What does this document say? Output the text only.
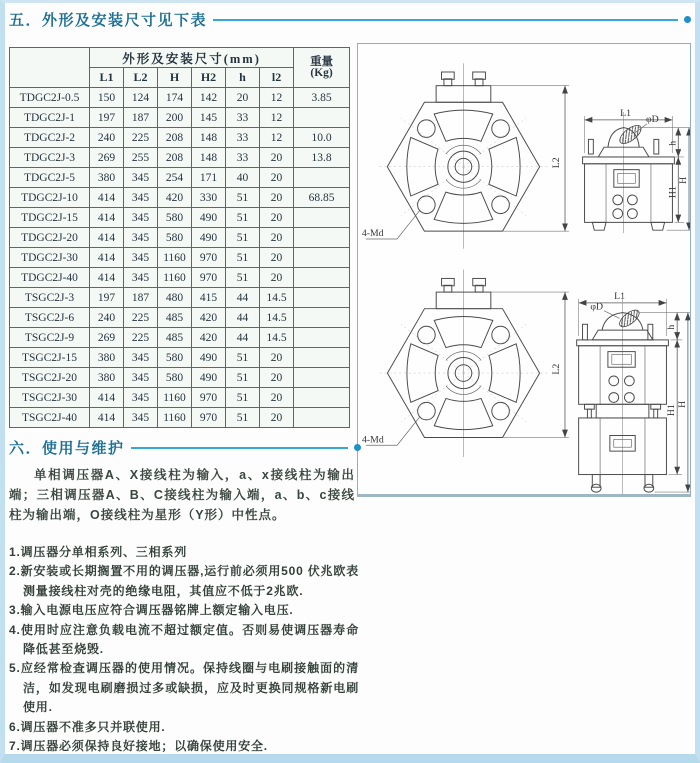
五．外形及安装尺寸见下表
	外形及安装尺寸(mm)						重量
(Kg)

	L1	L2	H	H2	h	l2	
TDGC2J-0.5	150	124	174	142	20	12	3.85
TDGC2J-1	197	187	200	145	33	12	
TDGC2J-2	240	225	208	148	33	12	10.0
TDGC2J-3	269	255	208	148	33	20	13.8
TDGC2J-5	380	345	254	171	40	20	
TDGC2J-10	414	345	420	330	51	20	68.85
TDGC2J-15	414	345	580	490	51	20	
TDGC2J-20	414	345	580	490	51	20	
TDGC2J-30	414	345	1160	970	51	20	
TDGC2J-40	414	345	1160	970	51	20	
TSGC2J-3	197	187	480	415	44	14.5	
TSGC2J-6	240	225	485	420	44	14.5	
TSGC2J-9	269	225	485	420	44	14.5	
TSGC2J-15	380	345	580	490	51	20	
TSGC2J-20	380	345	580	490	51	20	
TSGC2J-30	414	345	1160	970	51	20	
TSGC2J-40	414	345	1160	970	51	20	
L2
4-Md
L1
φD
h
H1
H
L2
4-Md
L1
φD
h
H1 H
六．使用与维护

单相调压器A、X接线柱为输入，a、x接线柱为输出端；三相调压器A、B、C接线柱为输入端，a、b、c接线柱为输出端，O接线柱为星形（Y形）中性点。

1.调压器分单相系列、三相系列
2.新安装或长期搁置不用的调压器,运行前必须用500 伏兆欧表测量接线柱对壳的绝缘电阻，其值应不低于2兆欧.
3.输入电源电压应符合调压器铭牌上额定输入电压.
4.使用时应注意负载电流不超过额定值。否则易使调压器寿命降低甚至烧毁.
5.应经常检查调压器的使用情况。保持线圈与电刷接触面的清洁，如发现电刷磨损过多或缺损，应及时更换同规格新电刷使用.
6.调压器不准多只并联使用.
7.调压器必须保持良好接地；以确保使用安全.
